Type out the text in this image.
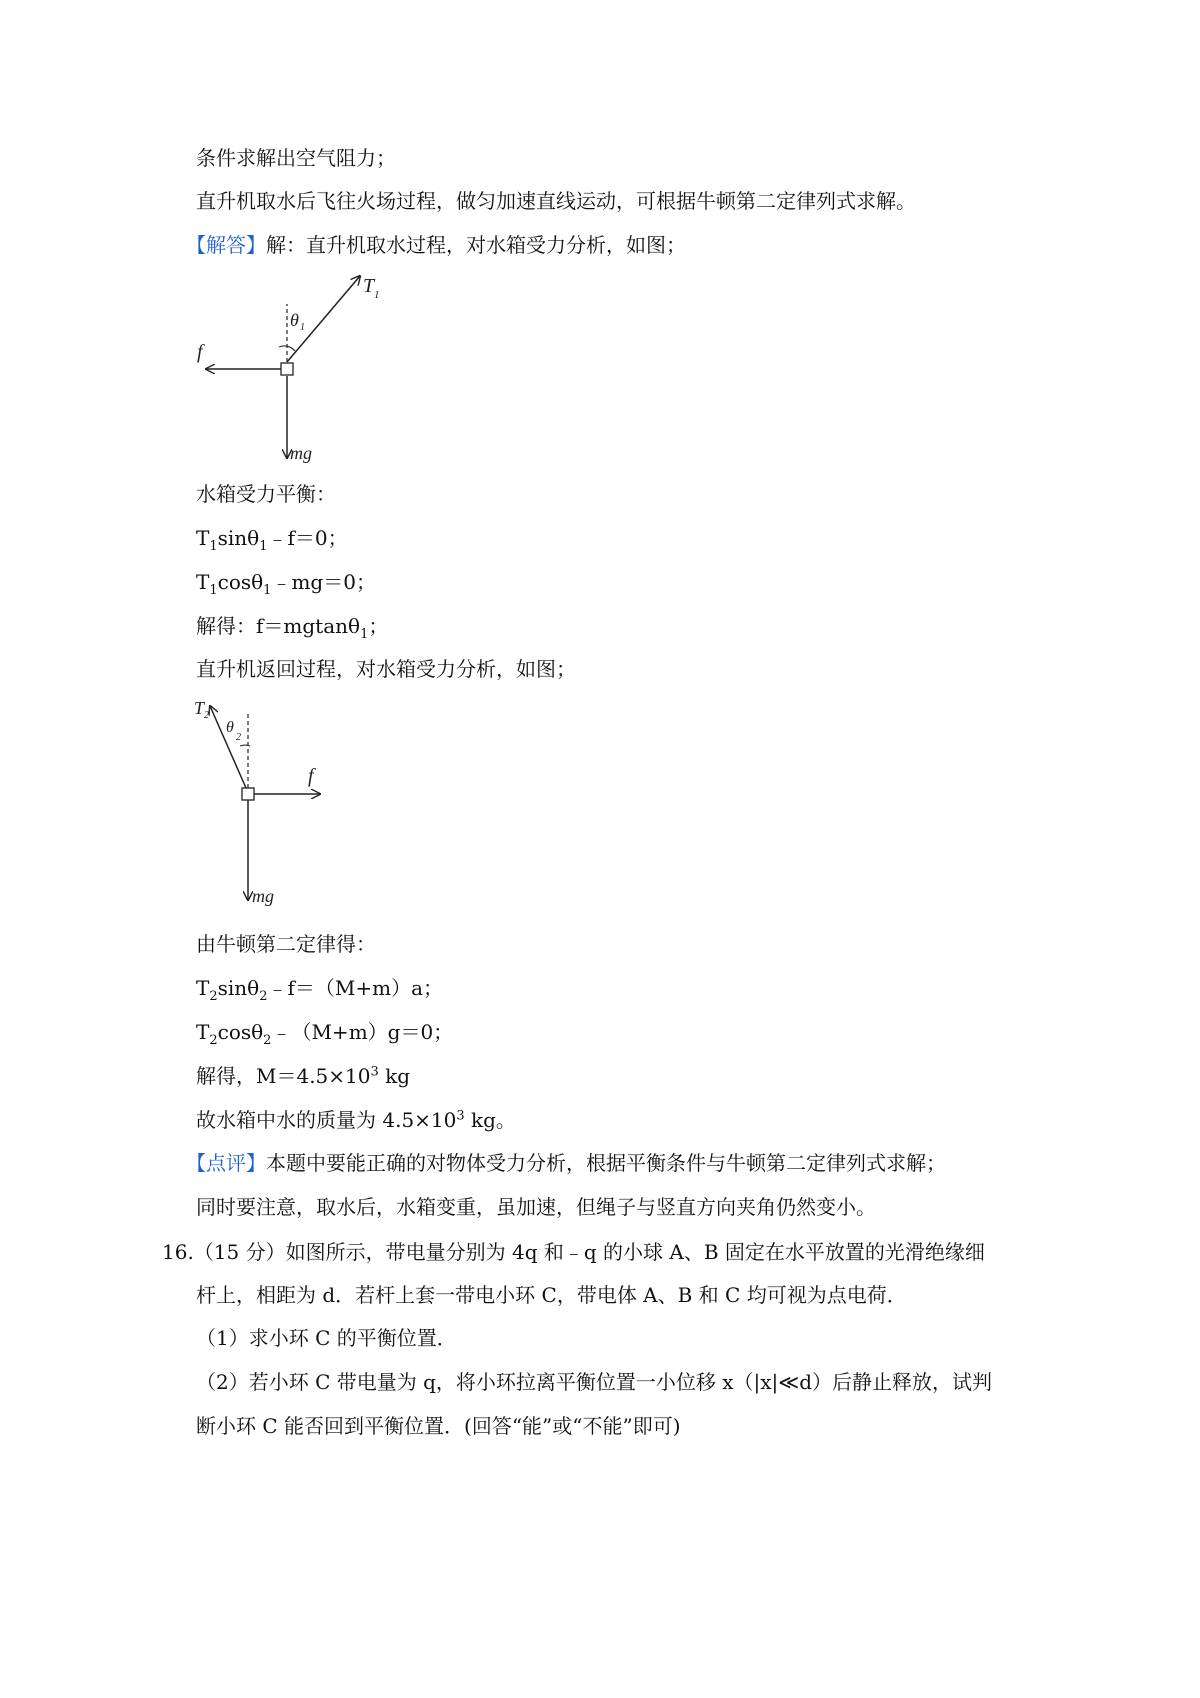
条件求解出空气阻力；
直升机取水后飞往火场过程，做匀加速直线运动，可根据牛顿第二定律列式求解。
【解答】解：直升机取水过程，对水箱受力分析，如图；
T 1
θ 1
f
mg
水箱受力平衡：
$T_1\sin\theta_1﹣f=0$；
$T_1\cos\theta_1﹣mg=0$；
解得：f＝mgtanθ$_1$；
直升机返回过程，对水箱受力分析，如图；
T 2
θ
2
f
mg
由牛顿第二定律得：
$T_2\sin\theta_2﹣f=(M+m)a$；
$T_2\cos\theta_2﹣(M+m)g=0$；
解得，$M=4.5\times 10^3$ kg
故水箱中水的质量为 $4.5\times 10^3$ kg。
【点评】本题中要能正确的对物体受力分析，根据平衡条件与牛顿第二定律列式求解；
同时要注意，取水后，水箱变重，虽加速，但绳子与竖直方向夹角仍然变小。
16.（15 分）如图所示，带电量分别为 4q 和﹣q 的小球 A、B 固定在水平放置的光滑绝缘细
杆上，相距为 d．若杆上套一带电小环 C，带电体 A、B 和 C 均可视为点电荷．
（1）求小环 C 的平衡位置．
（2）若小环 C 带电量为 q，将小环拉离平衡位置一小位移 x（|x|≪d）后静止释放，试判
断小环 C 能否回到平衡位置．(回答“能”或“不能”即可)
